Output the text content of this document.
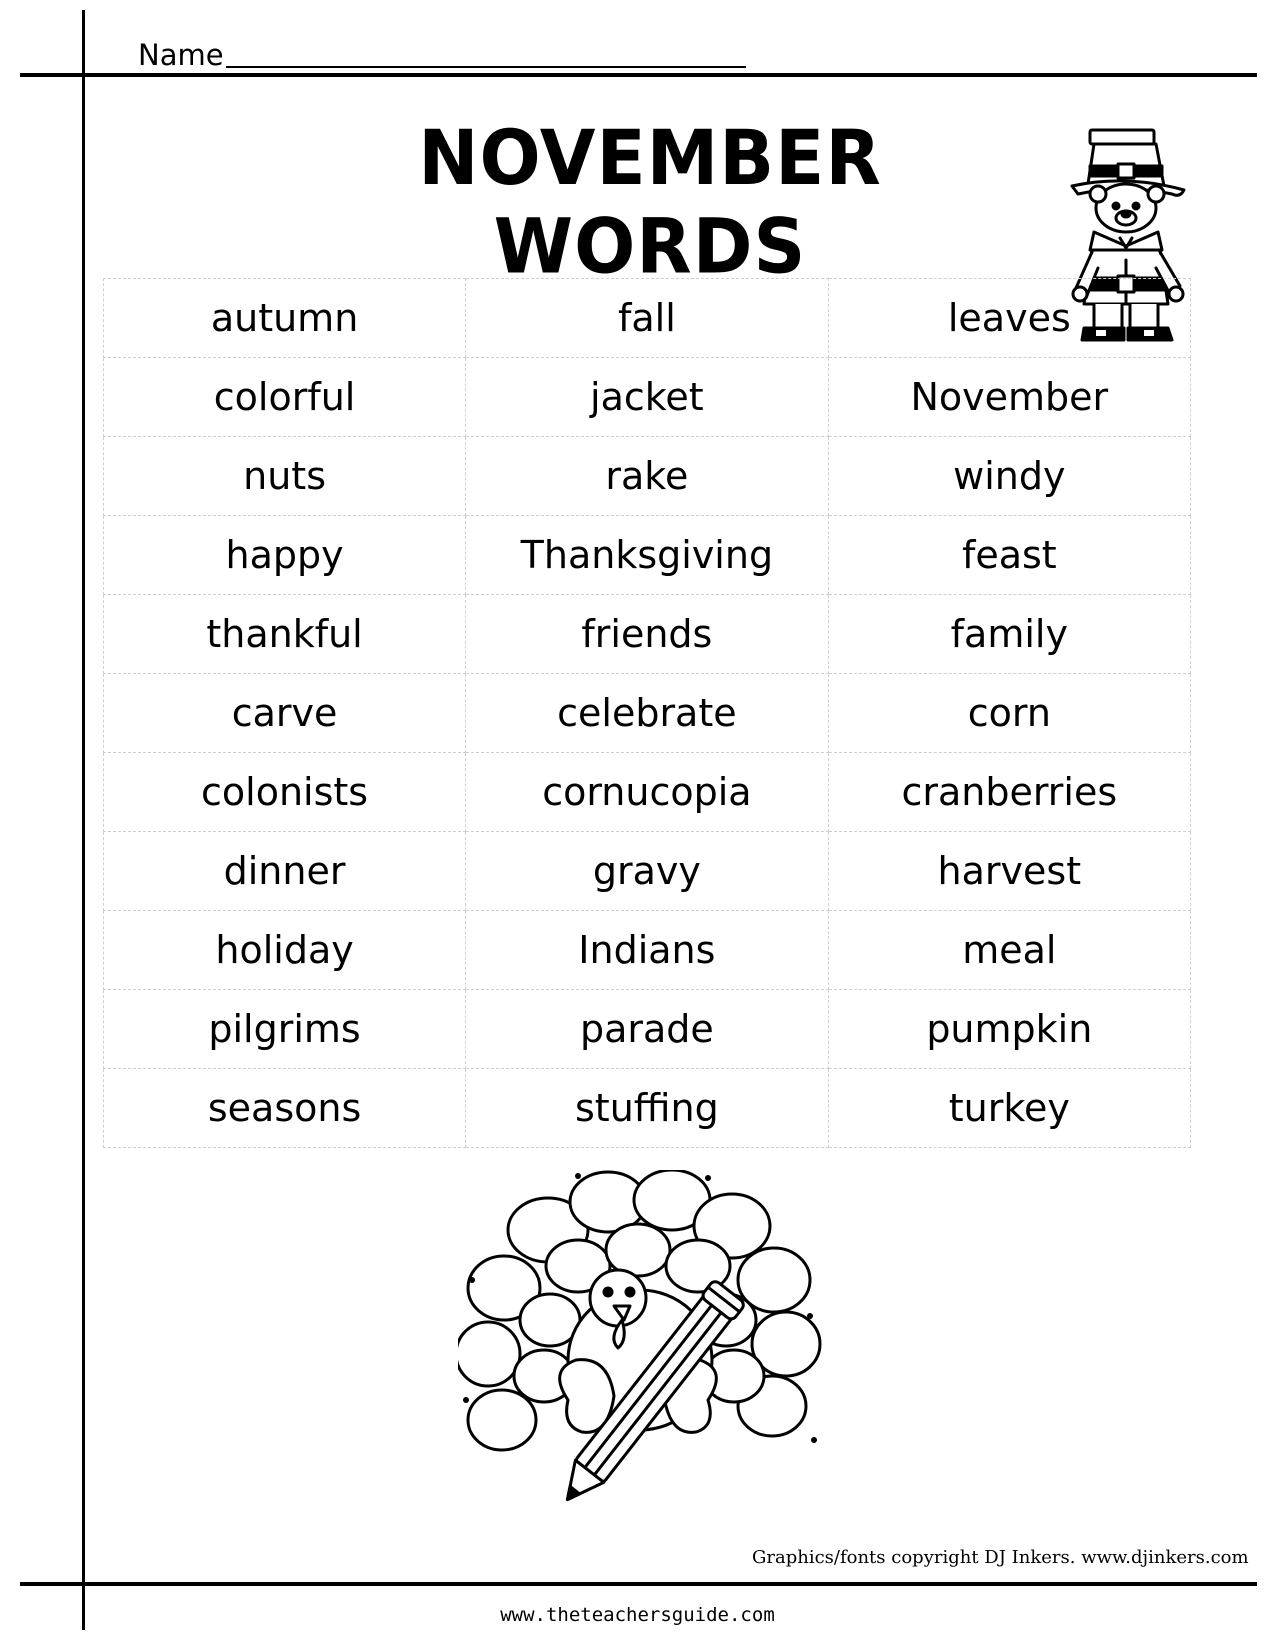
Name
NOVEMBER WORDS
autumn	fall	leaves
colorful	jacket	November
nuts	rake	windy
happy	Thanksgiving	feast
thankful	friends	family
carve	celebrate	corn
colonists	cornucopia	cranberries
dinner	gravy	harvest
holiday	Indians	meal
pilgrims	parade	pumpkin
seasons	stuffing	turkey
Graphics/fonts copyright DJ Inkers. www.djinkers.com
www.theteachersguide.com
